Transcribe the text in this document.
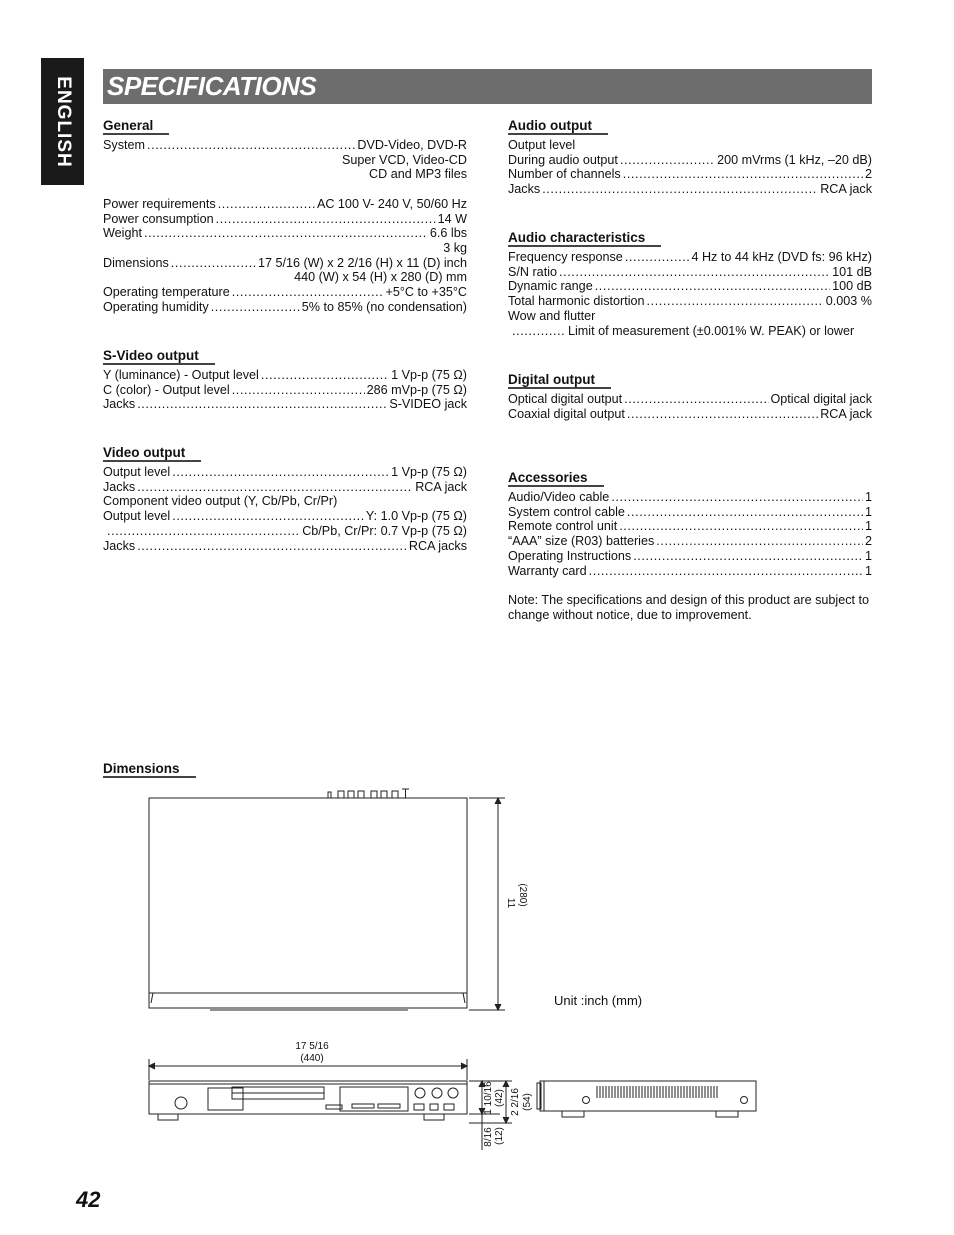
ENGLISH SPECIFICATIONS
General
System .....	DVD-Video, DVD-R
Super VCD, Video-CD
CD and MP3 files
Power requirements .....	AC 100 V- 240 V, 50/60 Hz
Power consumption .....	14 W
Weight .....	6.6 lbs
3 kg
Dimensions .....	17 5/16 (W) x 2 2/16 (H) x 11 (D) inch
440 (W) x 54 (H) x 280 (D) mm
Operating temperature .....	+5°C to +35°C
Operating humidity .....	5% to 85% (no condensation)
S-Video output
Y (luminance) - Output level .....	1 Vp-p (75 Ω)
C (color) - Output level .....	286 mVp-p (75 Ω)
Jacks .....	S-VIDEO jack
Video output
Output level .....	1 Vp-p (75 Ω)
Jacks .....	RCA jack
Component video output (Y, Cb/Pb, Cr/Pr)
Output level .....	Y: 1.0 Vp-p (75 Ω)
.....
Cb/Pb, Cr/Pr: 0.7 Vp-p (75 Ω)
Jacks .....	RCA jacks
Audio output
Output level
During audio output .....	200 mVrms (1 kHz, –20 dB)
Number of channels .....	2
Jacks .....	RCA jack
Audio characteristics
Frequency response .....	4 Hz to 44 kHz (DVD fs: 96 kHz)
S/N ratio .....	101 dB
Dynamic range .....	100 dB
Total harmonic distortion .....	0.003 %
Wow and flutter
.....
Limit of measurement (±0.001% W. PEAK) or lower
Digital output
Optical digital output .....	Optical digital jack
Coaxial digital output .....	RCA jack
Accessories
Audio/Video cable .....	1
System control cable .....	1
Remote control unit .....	1
“AAA” size (R03) batteries .....	2
Operating Instructions .....	1
Warranty card .....	1
Note: The specifications and design of this product are subject to change without notice, due to improvement.
Dimensions
11 (280)
17 5/16
(440)
1 10/16 (42) 2 2/16 (54)
8/16 (12)
Unit :inch (mm)
42
